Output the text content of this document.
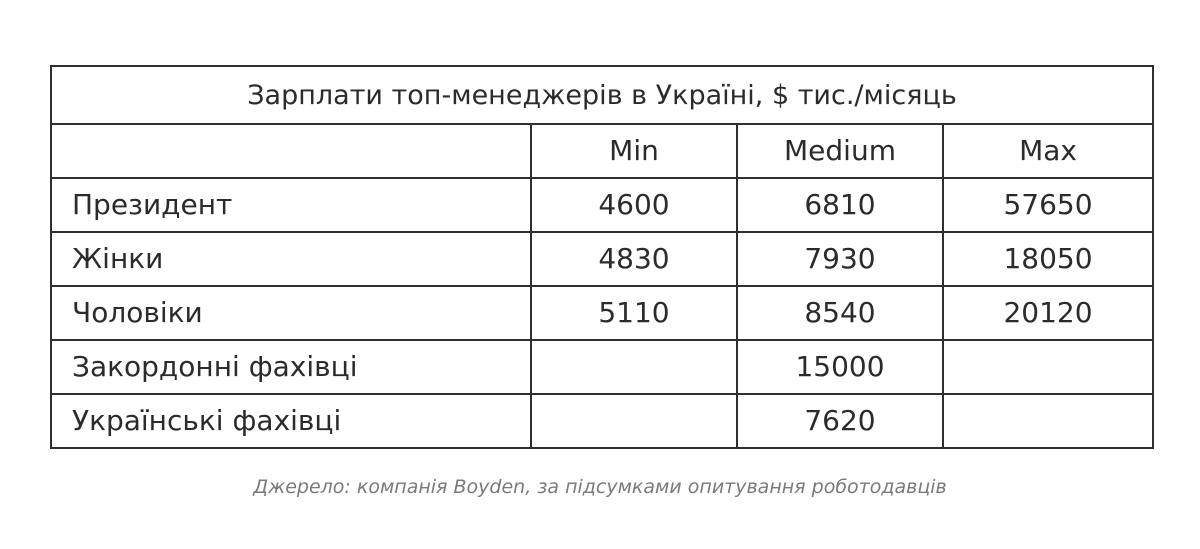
Зарплати топ-менеджерів в Україні, $ тис./місяць			
	Min	Medium	Max
Президент	4600	6810	57650
Жінки	4830	7930	18050
Чоловіки	5110	8540	20120
Закордонні фахівці		15000	
Українські фахівці		7620	
Джерело: компанія Boyden, за підсумками опитування роботодавців
